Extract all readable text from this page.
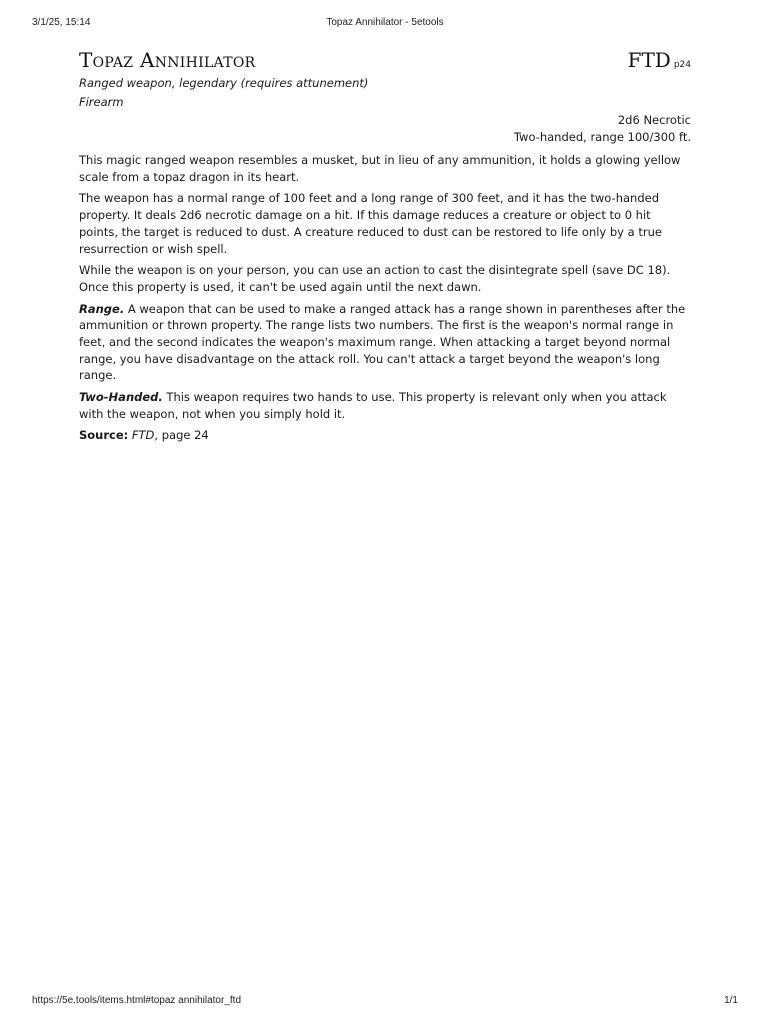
3/1/25, 15:14	Topaz Annihilator - 5etools
Topaz Annihilator	FTD p24
Ranged weapon, legendary (requires attunement)
Firearm
2d6 Necrotic
Two-handed, range 100/300 ft.

This magic ranged weapon resembles a musket, but in lieu of any ammunition, it holds a glowing yellow scale from a topaz dragon in its heart.

The weapon has a normal range of 100 feet and a long range of 300 feet, and it has the two-handed property. It deals 2d6 necrotic damage on a hit. If this damage reduces a creature or object to 0 hit points, the target is reduced to dust. A creature reduced to dust can be restored to life only by a true resurrection or wish spell.

While the weapon is on your person, you can use an action to cast the disintegrate spell (save DC 18). Once this property is used, it can't be used again until the next dawn.

Range. A weapon that can be used to make a ranged attack has a range shown in parentheses after the ammunition or thrown property. The range lists two numbers. The first is the weapon's normal range in feet, and the second indicates the weapon's maximum range. When attacking a target beyond normal range, you have disadvantage on the attack roll. You can't attack a target beyond the weapon's long range.

Two-Handed. This weapon requires two hands to use. This property is relevant only when you attack with the weapon, not when you simply hold it.

Source: FTD, page 24
https://5e.tools/items.html#topaz annihilator_ftd	1/1
